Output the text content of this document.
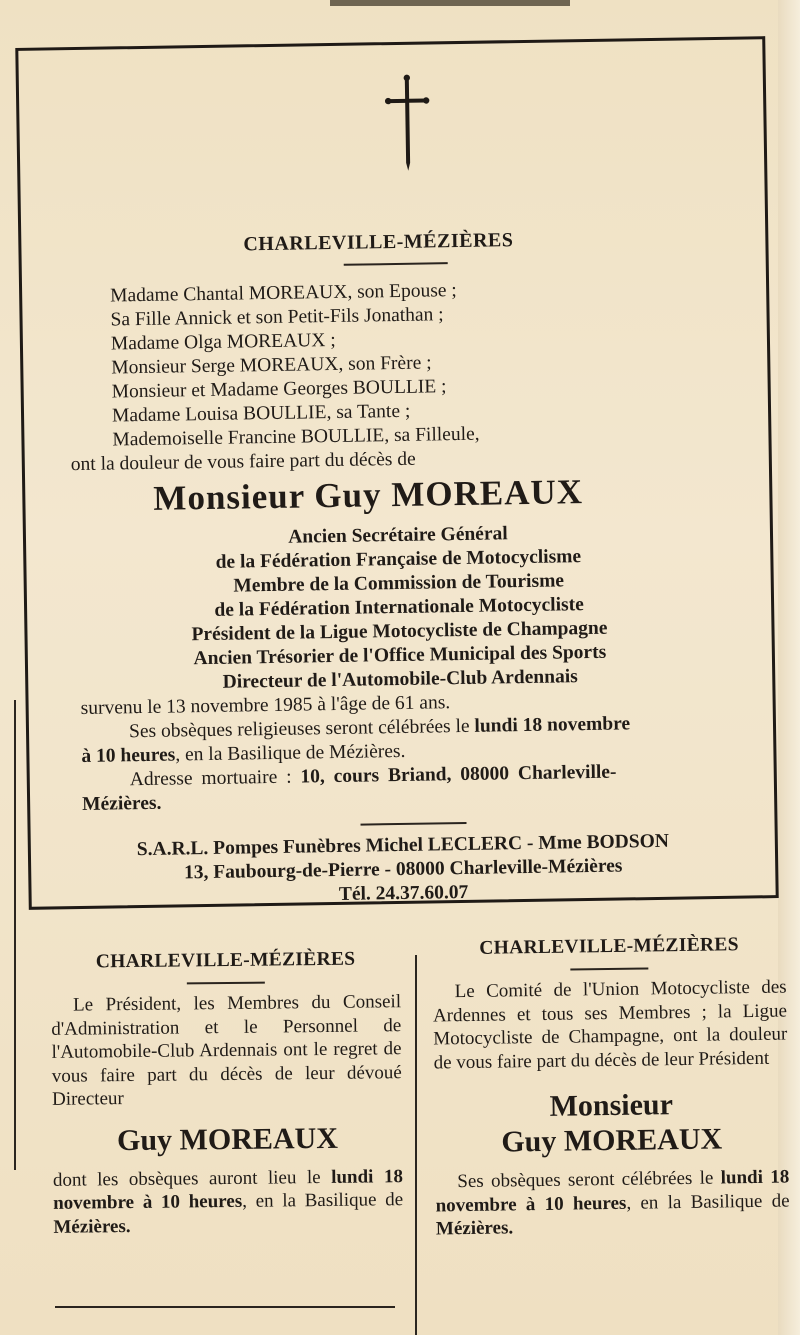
CHARLEVILLE-MÉZIÈRES
Madame Chantal MOREAUX, son Epouse ;
Sa Fille Annick et son Petit-Fils Jonathan ;
Madame Olga MOREAUX ;
Monsieur Serge MOREAUX, son Frère ;
Monsieur et Madame Georges BOULLIE ;
Madame Louisa BOULLIE, sa Tante ;
Mademoiselle Francine BOULLIE, sa Filleule,
ont la douleur de vous faire part du décès de
Monsieur Guy MOREAUX
Ancien Secrétaire Général
de la Fédération Française de Motocyclisme
Membre de la Commission de Tourisme
de la Fédération Internationale Motocycliste
Président de la Ligue Motocycliste de Champagne
Ancien Trésorier de l'Office Municipal des Sports
Directeur de l'Automobile-Club Ardennais
survenu le 13 novembre 1985 à l'âge de 61 ans.
Ses obsèques religieuses seront célébrées le lundi 18 novembre
à 10 heures, en la Basilique de Mézières.
Adresse mortuaire : 10, cours Briand, 08000 Charleville-
Mézières.
S.A.R.L. Pompes Funèbres Michel LECLERC - Mme BODSON
13, Faubourg-de-Pierre - 08000 Charleville-Mézières
Tél. 24.37.60.07
CHARLEVILLE-MÉZIÈRES
Le Président, les Membres du Conseil d'Administration et le Personnel de l'Automobile-Club Ardennais ont le regret de vous faire part du décès de leur dévoué Directeur
Guy MOREAUX
dont les obsèques auront lieu le lundi 18 novembre à 10 heures, en la Basilique de Mézières.
CHARLEVILLE-MÉZIÈRES
Le Comité de l'Union Motocycliste des Ardennes et tous ses Membres ; la Ligue Motocycliste de Champagne, ont la douleur de vous faire part du décès de leur Président
Monsieur
Guy MOREAUX
Ses obsèques seront célébrées le lundi 18 novembre à 10 heures, en la Basilique de Mézières.
